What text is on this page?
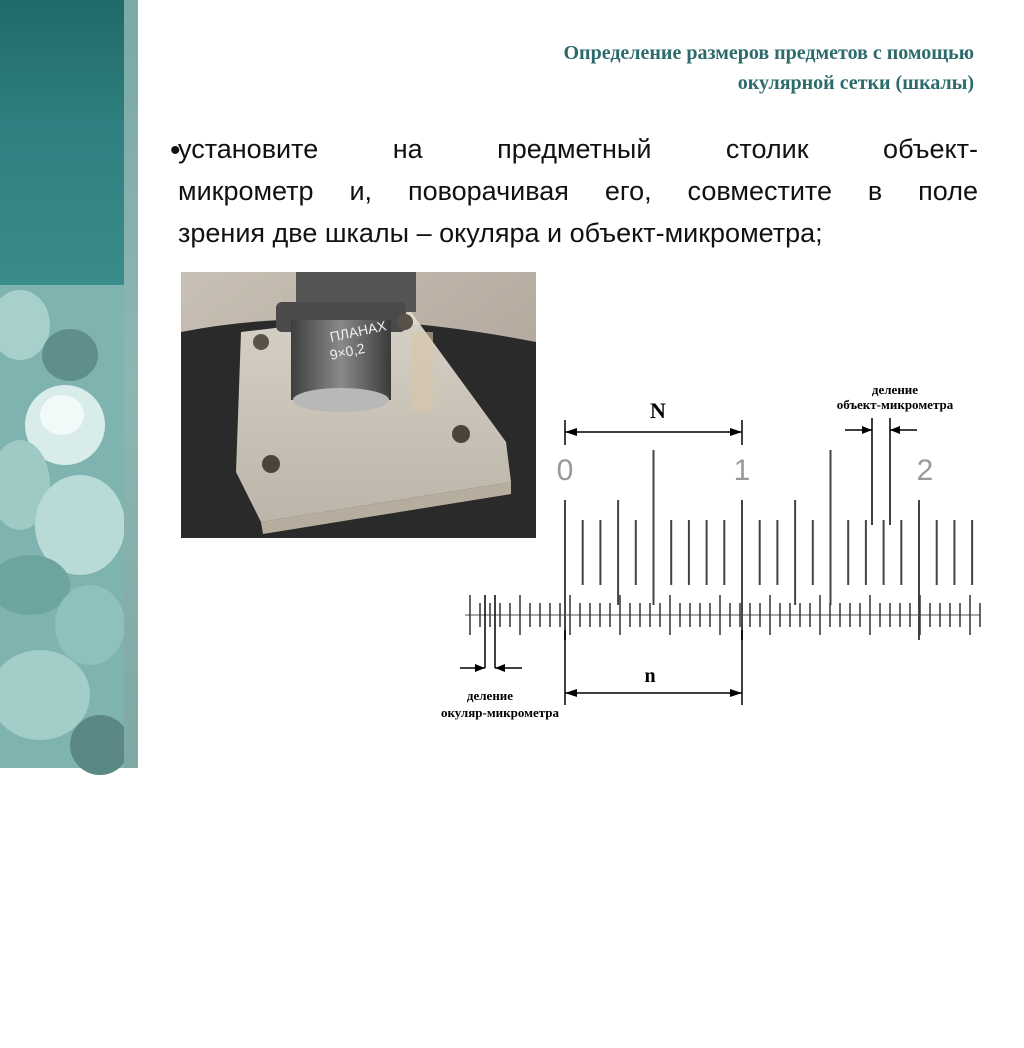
fppt.com
Определение размеров предметов с помощью
окулярной сетки (шкалы)
•
установите на предметный столик объект-
микрометр и, поворачивая его, совместите в поле
зрения две шкалы – окуляра и объект-микрометра;
ПЛАНАХ
9×0,2
N
n
0	1	2
деление
объект-микрометра
деление
окуляр-микрометра
